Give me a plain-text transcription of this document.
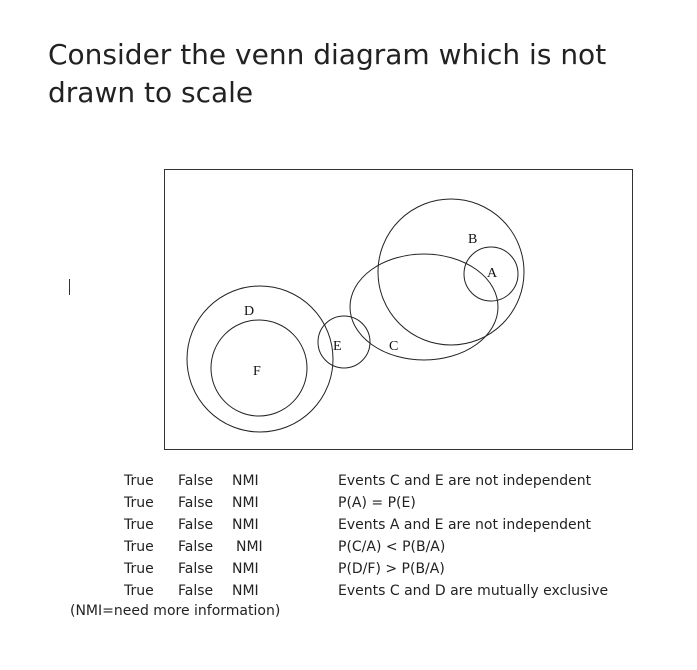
Consider the venn diagram which is not drawn to scale
D
F
E	C
B
A
True False NMI
True False NMI
True False NMI
True False NMI
True False NMI
True False NMI
(NMI=need more information)
Events C and E are not independent
P(A) = P(E)
Events A and E are not independent
P(C/A) < P(B/A)
P(D/F) > P(B/A)
Events C and D are mutually exclusive
